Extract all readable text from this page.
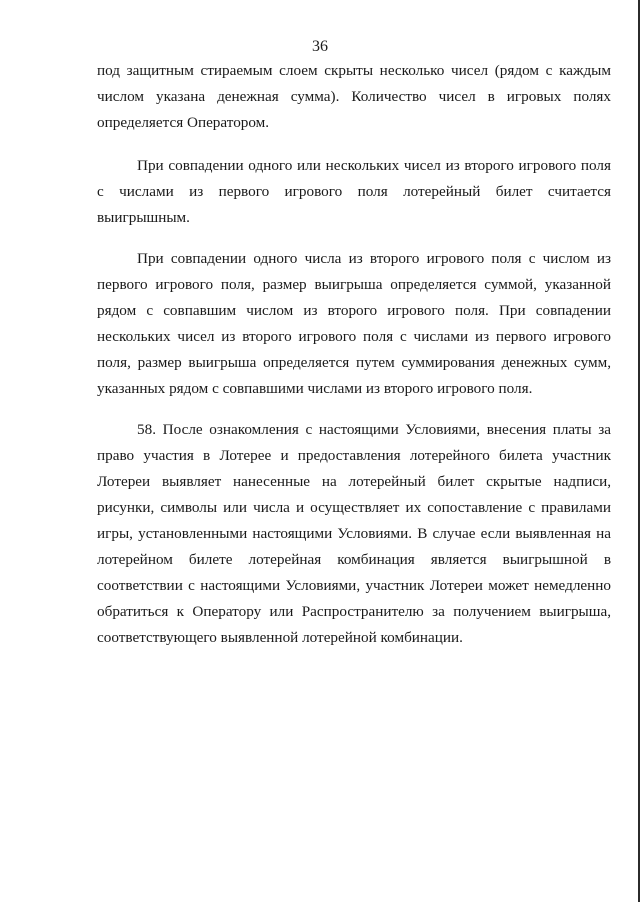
36

под защитным стираемым слоем скрыты несколько чисел (рядом с каждым числом указана денежная сумма). Количество чисел в игровых полях определяется Оператором.

При совпадении одного или нескольких чисел из второго игрового поля с числами из первого игрового поля лотерейный билет считается выигрышным.

При совпадении одного числа из второго игрового поля с числом из первого игрового поля, размер выигрыша определяется суммой, указанной рядом с совпавшим числом из второго игрового поля. При совпадении нескольких чисел из второго игрового поля с числами из первого игрового поля, размер выигрыша определяется путем суммирования денежных сумм, указанных рядом с совпавшими числами из второго игрового поля.

58. После ознакомления с настоящими Условиями, внесения платы за право участия в Лотерее и предоставления лотерейного билета участник Лотереи выявляет нанесенные на лотерейный билет скрытые надписи, рисунки, символы или числа и осуществляет их сопоставление с правилами игры, установленными настоящими Условиями. В случае если выявленная на лотерейном билете лотерейная комбинация является выигрышной в соответствии с настоящими Условиями, участник Лотереи может немедленно обратиться к Оператору или Распространителю за получением выигрыша, соответствующего выявленной лотерейной комбинации.
